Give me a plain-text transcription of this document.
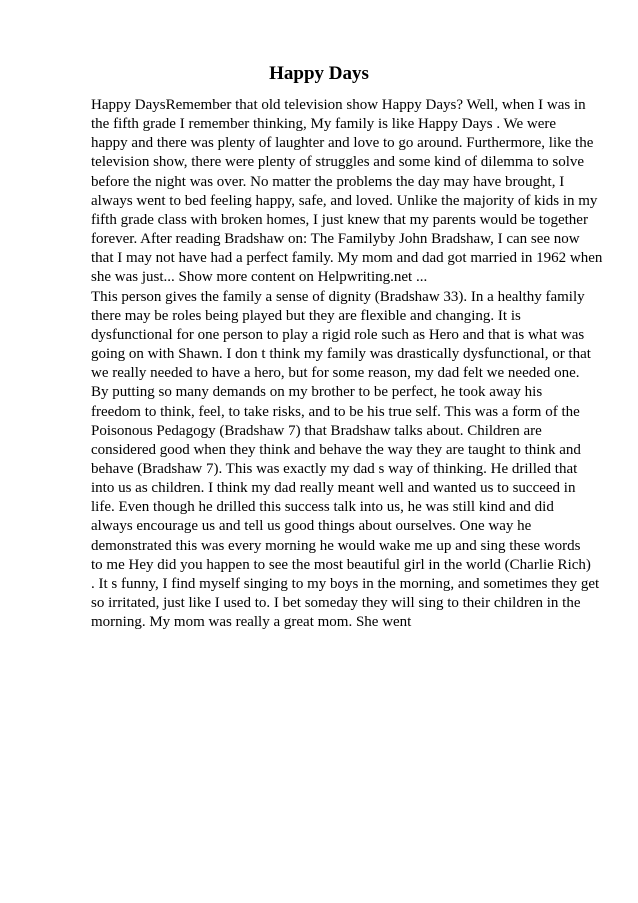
Happy Days
Happy DaysRemember that old television show Happy Days? Well, when I was in
the fifth grade I remember thinking, My family is like Happy Days . We were
happy and there was plenty of laughter and love to go around. Furthermore, like the
television show, there were plenty of struggles and some kind of dilemma to solve
before the night was over. No matter the problems the day may have brought, I
always went to bed feeling happy, safe, and loved. Unlike the majority of kids in my
fifth grade class with broken homes, I just knew that my parents would be together
forever. After reading Bradshaw on: The Familyby John Bradshaw, I can see now
that I may not have had a perfect family. My mom and dad got married in 1962 when
she was just... Show more content on Helpwriting.net ...
This person gives the family a sense of dignity (Bradshaw 33). In a healthy family
there may be roles being played but they are flexible and changing. It is
dysfunctional for one person to play a rigid role such as Hero and that is what was
going on with Shawn. I don t think my family was drastically dysfunctional, or that
we really needed to have a hero, but for some reason, my dad felt we needed one.
By putting so many demands on my brother to be perfect, he took away his
freedom to think, feel, to take risks, and to be his true self. This was a form of the
Poisonous Pedagogy (Bradshaw 7) that Bradshaw talks about. Children are
considered good when they think and behave the way they are taught to think and
behave (Bradshaw 7). This was exactly my dad s way of thinking. He drilled that
into us as children. I think my dad really meant well and wanted us to succeed in
life. Even though he drilled this success talk into us, he was still kind and did
always encourage us and tell us good things about ourselves. One way he
demonstrated this was every morning he would wake me up and sing these words
to me Hey did you happen to see the most beautiful girl in the world (Charlie Rich)
. It s funny, I find myself singing to my boys in the morning, and sometimes they get
so irritated, just like I used to. I bet someday they will sing to their children in the
morning. My mom was really a great mom. She went
